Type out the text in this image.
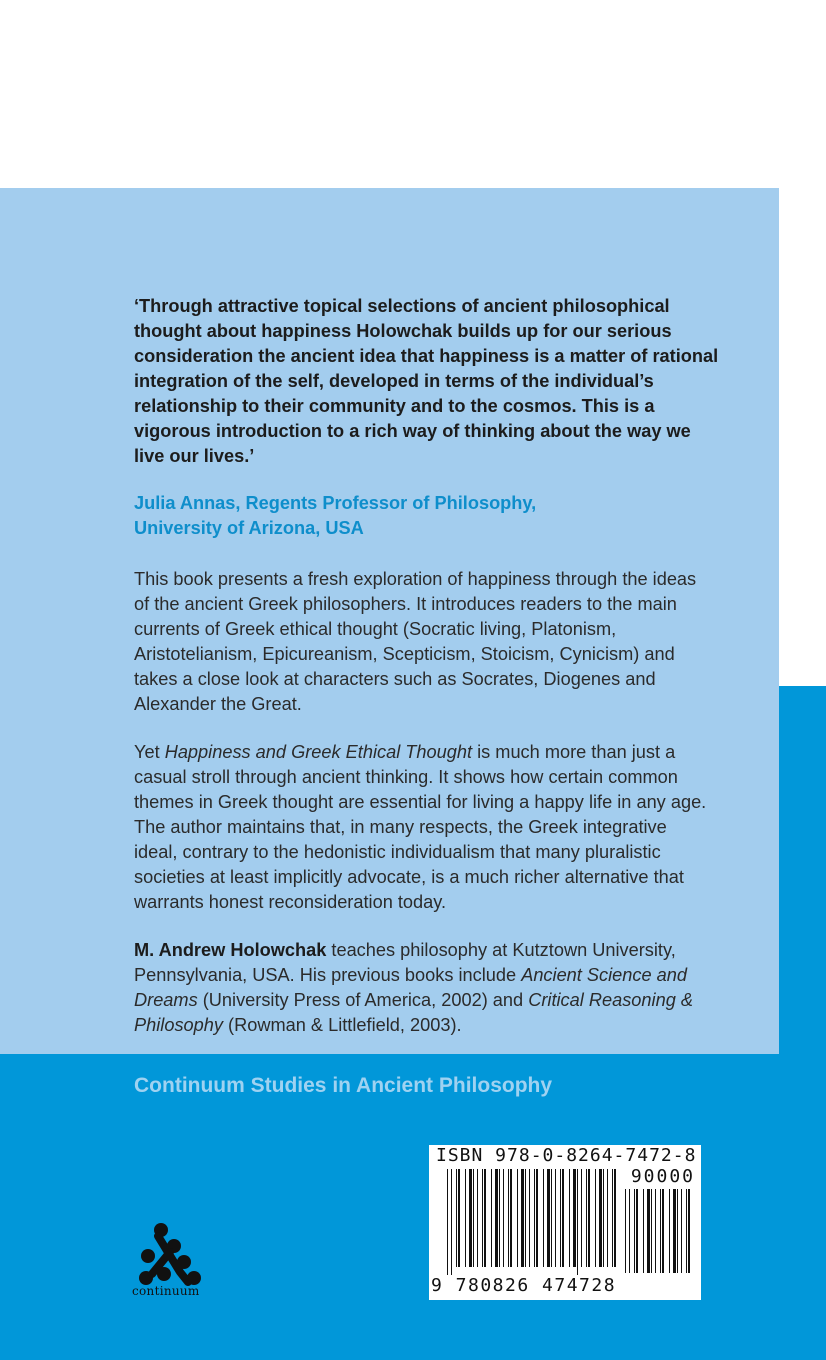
‘Through attractive topical selections of ancient philosophical thought about happiness Holowchak builds up for our serious consideration the ancient idea that happiness is a matter of rational integration of the self, developed in terms of the individual’s relationship to their community and to the cosmos. This is a vigorous introduction to a rich way of thinking about the way we live our lives.’
Julia Annas, Regents Professor of Philosophy,
University of Arizona, USA
This book presents a fresh exploration of happiness through the ideas of the ancient Greek philosophers. It introduces readers to the main currents of Greek ethical thought (Socratic living, Platonism, Aristotelianism, Epicureanism, Scepticism, Stoicism, Cynicism) and takes a close look at characters such as Socrates, Diogenes and Alexander the Great.
Yet Happiness and Greek Ethical Thought is much more than just a casual stroll through ancient thinking. It shows how certain common themes in Greek thought are essential for living a happy life in any age. The author maintains that, in many respects, the Greek integrative ideal, contrary to the hedonistic individualism that many pluralistic societies at least implicitly advocate, is a much richer alternative that warrants honest reconsideration today.
M. Andrew Holowchak teaches philosophy at Kutztown University, Pennsylvania, USA. His previous books include Ancient Science and Dreams (University Press of America, 2002) and Critical Reasoning & Philosophy (Rowman & Littlefield, 2003).
Continuum Studies in Ancient Philosophy
ISBN 978-0-8264-7472-8
90000
9 780826 474728
continuum
